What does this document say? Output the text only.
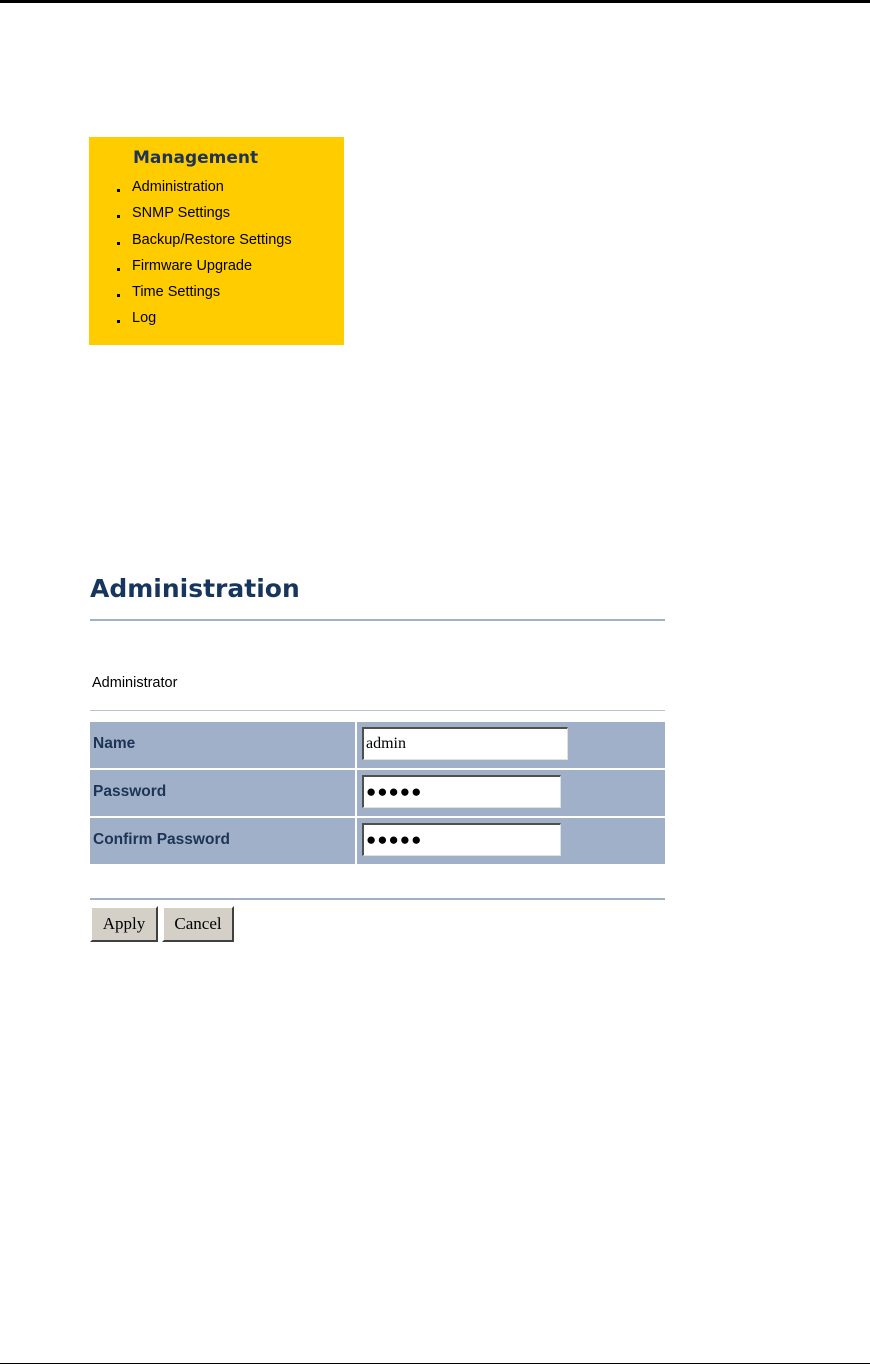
Management
Administration
SNMP Settings
Backup/Restore Settings
Firmware Upgrade
Time Settings
Log
Administration
Administrator
Name
admin
Password
●●●●●
Confirm Password
●●●●●
Apply	Cancel
